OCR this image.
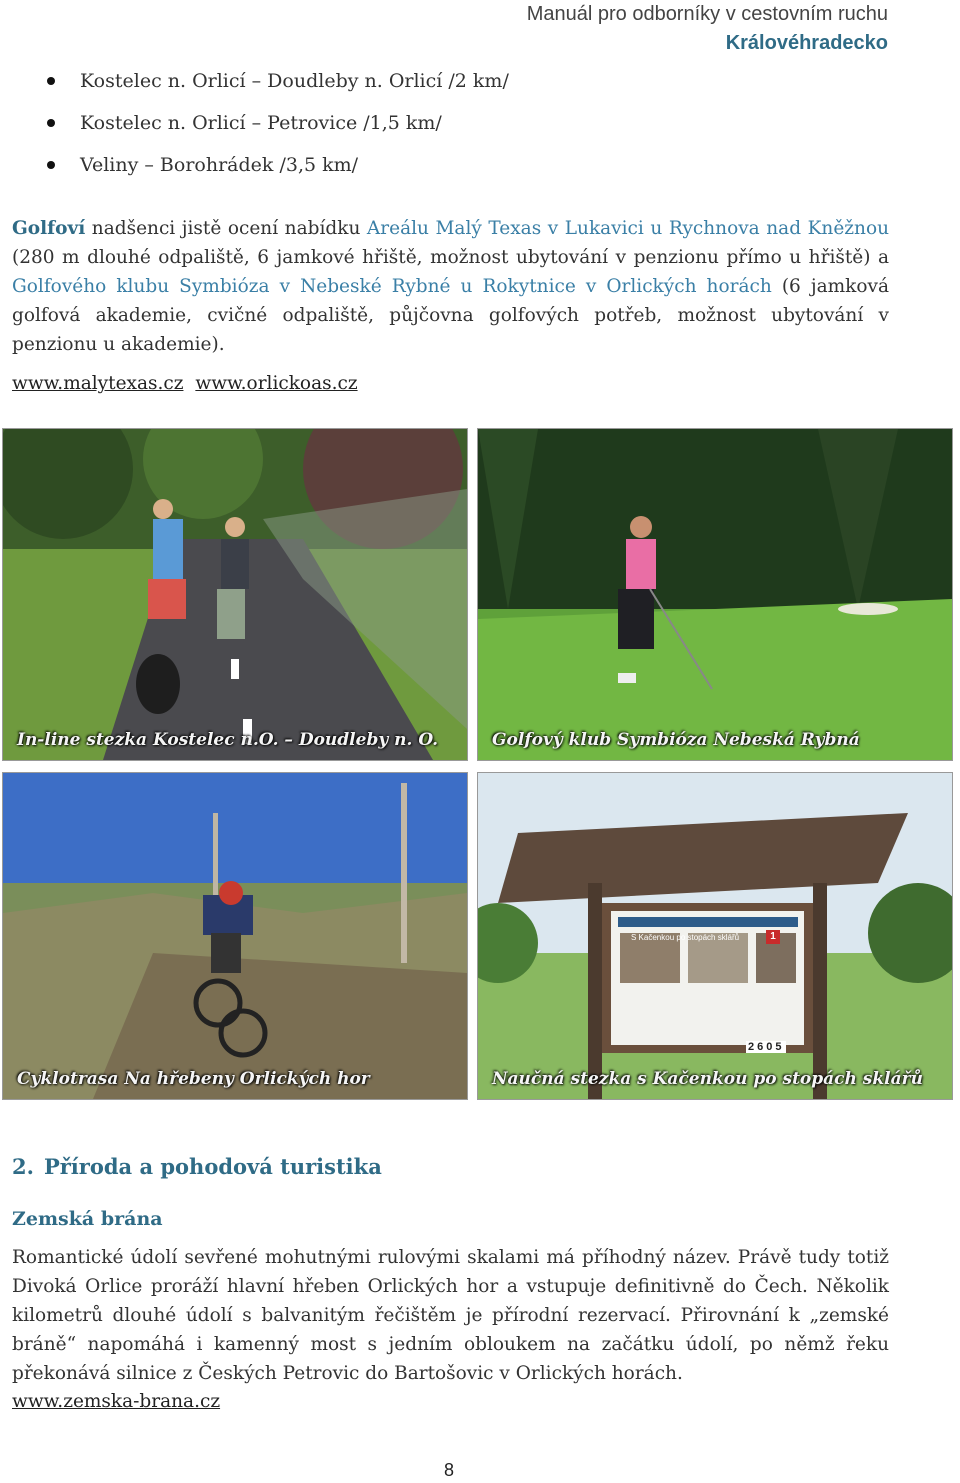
Manuál pro odborníky v cestovním ruchu
Královéhradecko
Kostelec n. Orlicí – Doudleby n. Orlicí /2 km/
Kostelec n. Orlicí – Petrovice /1,5 km/
Veliny – Borohrádek /3,5 km/

Golfoví nadšenci jistě ocení nabídku Areálu Malý Texas v Lukavici u Rychnova nad Kněžnou (280 m dlouhé odpaliště, 6 jamkové hřiště, možnost ubytování v penzionu přímo u hřiště) a Golfového klubu Symbióza v Nebeské Rybné u Rokytnice v Orlických horách (6 jamková golfová akademie, cvičné odpaliště, půjčovna golfových potřeb, možnost ubytování v penzionu u akademie).

www.malytexas.cz www.orlickoas.cz
In-line stezka Kostelec n.O. – Doudleby n. O.	Golfový klub Symbióza Nebeská Rybná
Cyklotrasa Na hřebeny Orlických hor
S Kačenkou po stopách sklářů	1
2605
Naučná stezka s Kačenkou po stopách sklářů
2. Příroda a pohodová turistika
Zemská brána

Romantické údolí sevřené mohutnými rulovými skalami má příhodný název. Právě tudy totiž Divoká Orlice proráží hlavní hřeben Orlických hor a vstupuje definitivně do Čech. Několik kilometrů dlouhé údolí s balvanitým řečištěm je přírodní rezervací. Přirovnání k „zemské bráně“ napomáhá i kamenný most s jedním obloukem na začátku údolí, po němž řeku překonává silnice z Českých Petrovic do Bartošovic v Orlických horách.

www.zemska-brana.cz
8
